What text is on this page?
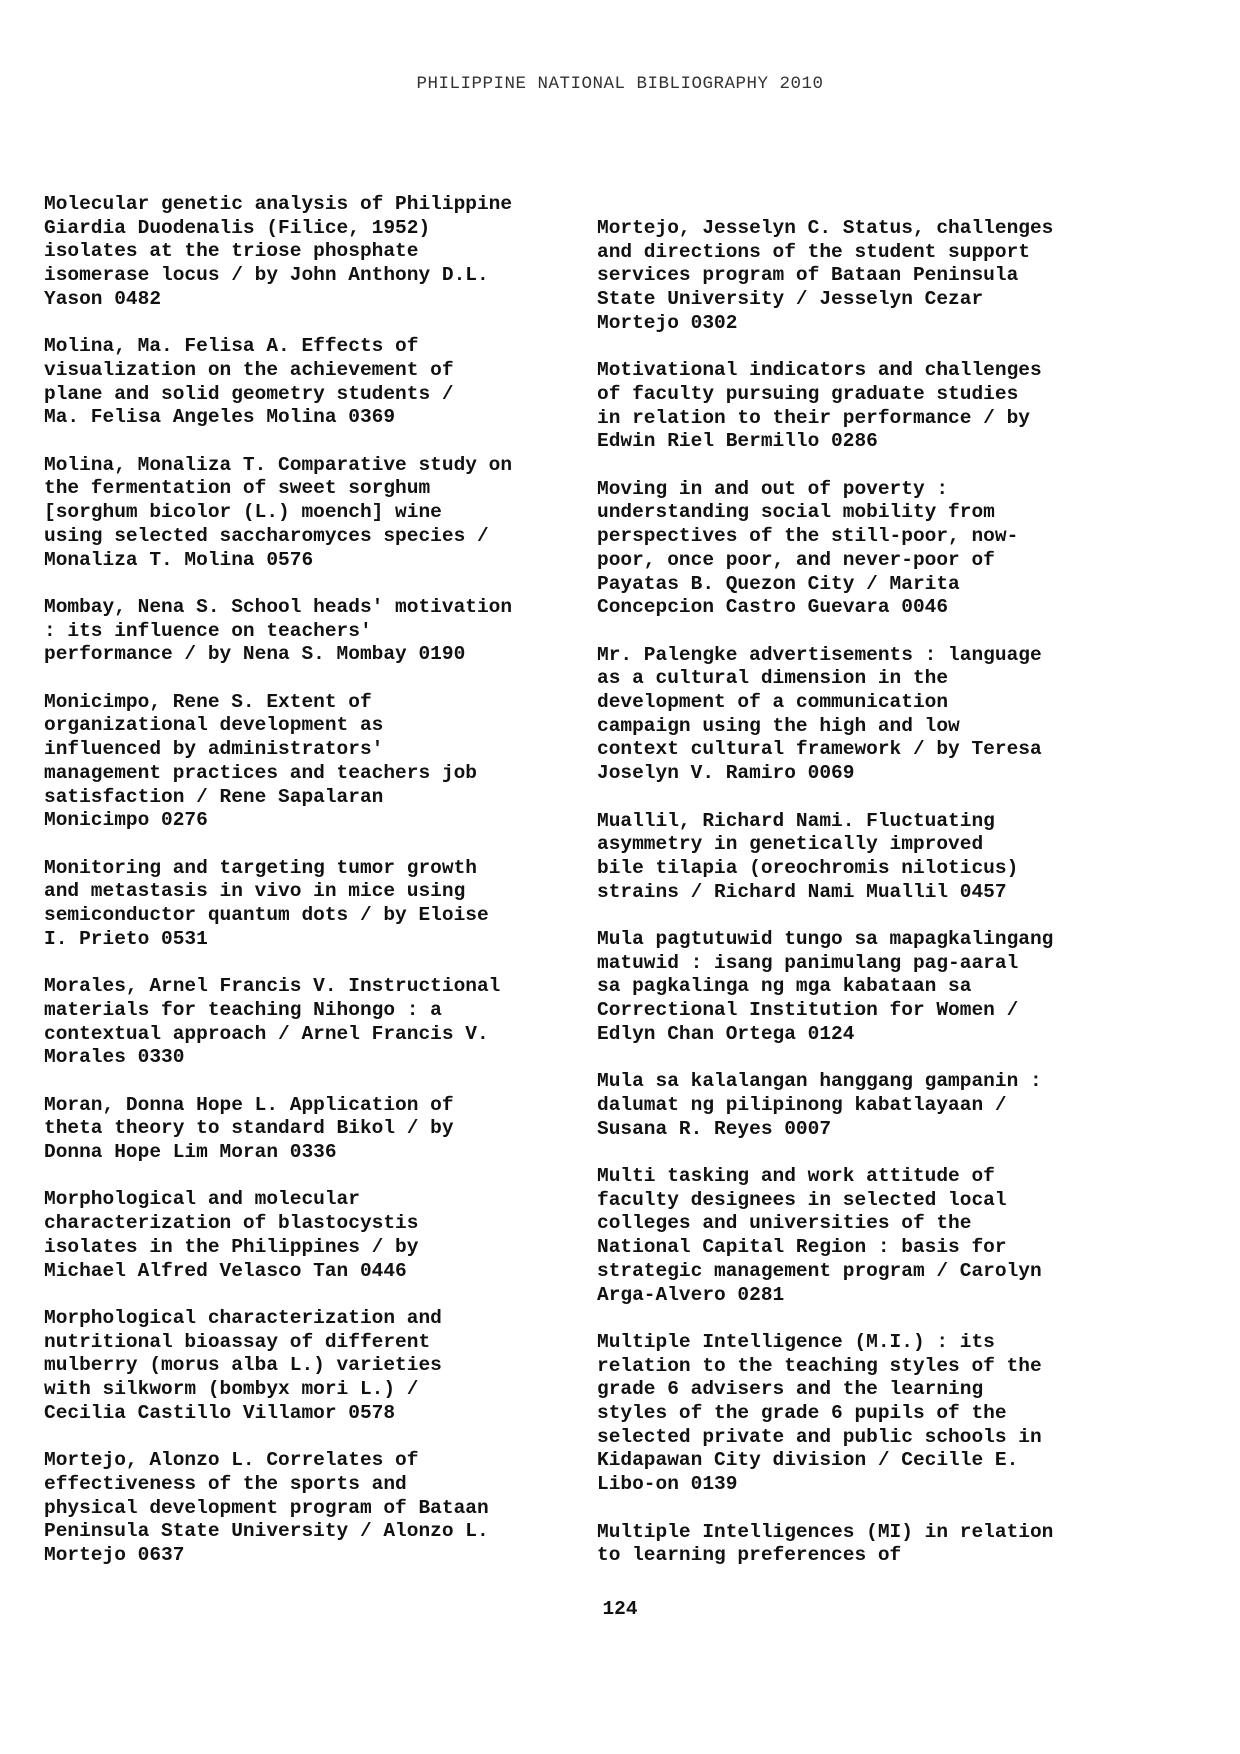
PHILIPPINE NATIONAL BIBLIOGRAPHY 2010
Molecular genetic analysis of Philippine
Giardia Duodenalis (Filice, 1952)
isolates at the triose phosphate
isomerase locus / by John Anthony D.L.
Yason 0482
Molina, Ma. Felisa A. Effects of
visualization on the achievement of
plane and solid geometry students /
Ma. Felisa Angeles Molina 0369
Molina, Monaliza T. Comparative study on
the fermentation of sweet sorghum
[sorghum bicolor (L.) moench] wine
using selected saccharomyces species /
Monaliza T. Molina 0576
Mombay, Nena S. School heads' motivation
: its influence on teachers'
performance / by Nena S. Mombay 0190
Monicimpo, Rene S. Extent of
organizational development as
influenced by administrators'
management practices and teachers job
satisfaction / Rene Sapalaran
Monicimpo 0276
Monitoring and targeting tumor growth
and metastasis in vivo in mice using
semiconductor quantum dots / by Eloise
I. Prieto 0531
Morales, Arnel Francis V. Instructional
materials for teaching Nihongo : a
contextual approach / Arnel Francis V.
Morales 0330
Moran, Donna Hope L. Application of
theta theory to standard Bikol / by
Donna Hope Lim Moran 0336
Morphological and molecular
characterization of blastocystis
isolates in the Philippines / by
Michael Alfred Velasco Tan 0446
Morphological characterization and
nutritional bioassay of different
mulberry (morus alba L.) varieties
with silkworm (bombyx mori L.) /
Cecilia Castillo Villamor 0578
Mortejo, Alonzo L. Correlates of
effectiveness of the sports and
physical development program of Bataan
Peninsula State University / Alonzo L.
Mortejo 0637
Mortejo, Jesselyn C. Status, challenges
and directions of the student support
services program of Bataan Peninsula
State University / Jesselyn Cezar
Mortejo 0302
Motivational indicators and challenges
of faculty pursuing graduate studies
in relation to their performance / by
Edwin Riel Bermillo 0286
Moving in and out of poverty :
understanding social mobility from
perspectives of the still-poor, now-
poor, once poor, and never-poor of
Payatas B. Quezon City / Marita
Concepcion Castro Guevara 0046
Mr. Palengke advertisements : language
as a cultural dimension in the
development of a communication
campaign using the high and low
context cultural framework / by Teresa
Joselyn V. Ramiro 0069
Muallil, Richard Nami. Fluctuating
asymmetry in genetically improved
bile tilapia (oreochromis niloticus)
strains / Richard Nami Muallil 0457
Mula pagtutuwid tungo sa mapagkalingang
matuwid : isang panimulang pag-aaral
sa pagkalinga ng mga kabataan sa
Correctional Institution for Women /
Edlyn Chan Ortega 0124
Mula sa kalalangan hanggang gampanin :
dalumat ng pilipinong kabatlayaan /
Susana R. Reyes 0007
Multi tasking and work attitude of
faculty designees in selected local
colleges and universities of the
National Capital Region : basis for
strategic management program / Carolyn
Arga-Alvero 0281
Multiple Intelligence (M.I.) : its
relation to the teaching styles of the
grade 6 advisers and the learning
styles of the grade 6 pupils of the
selected private and public schools in
Kidapawan City division / Cecille E.
Libo-on 0139
Multiple Intelligences (MI) in relation
to learning preferences of
124
